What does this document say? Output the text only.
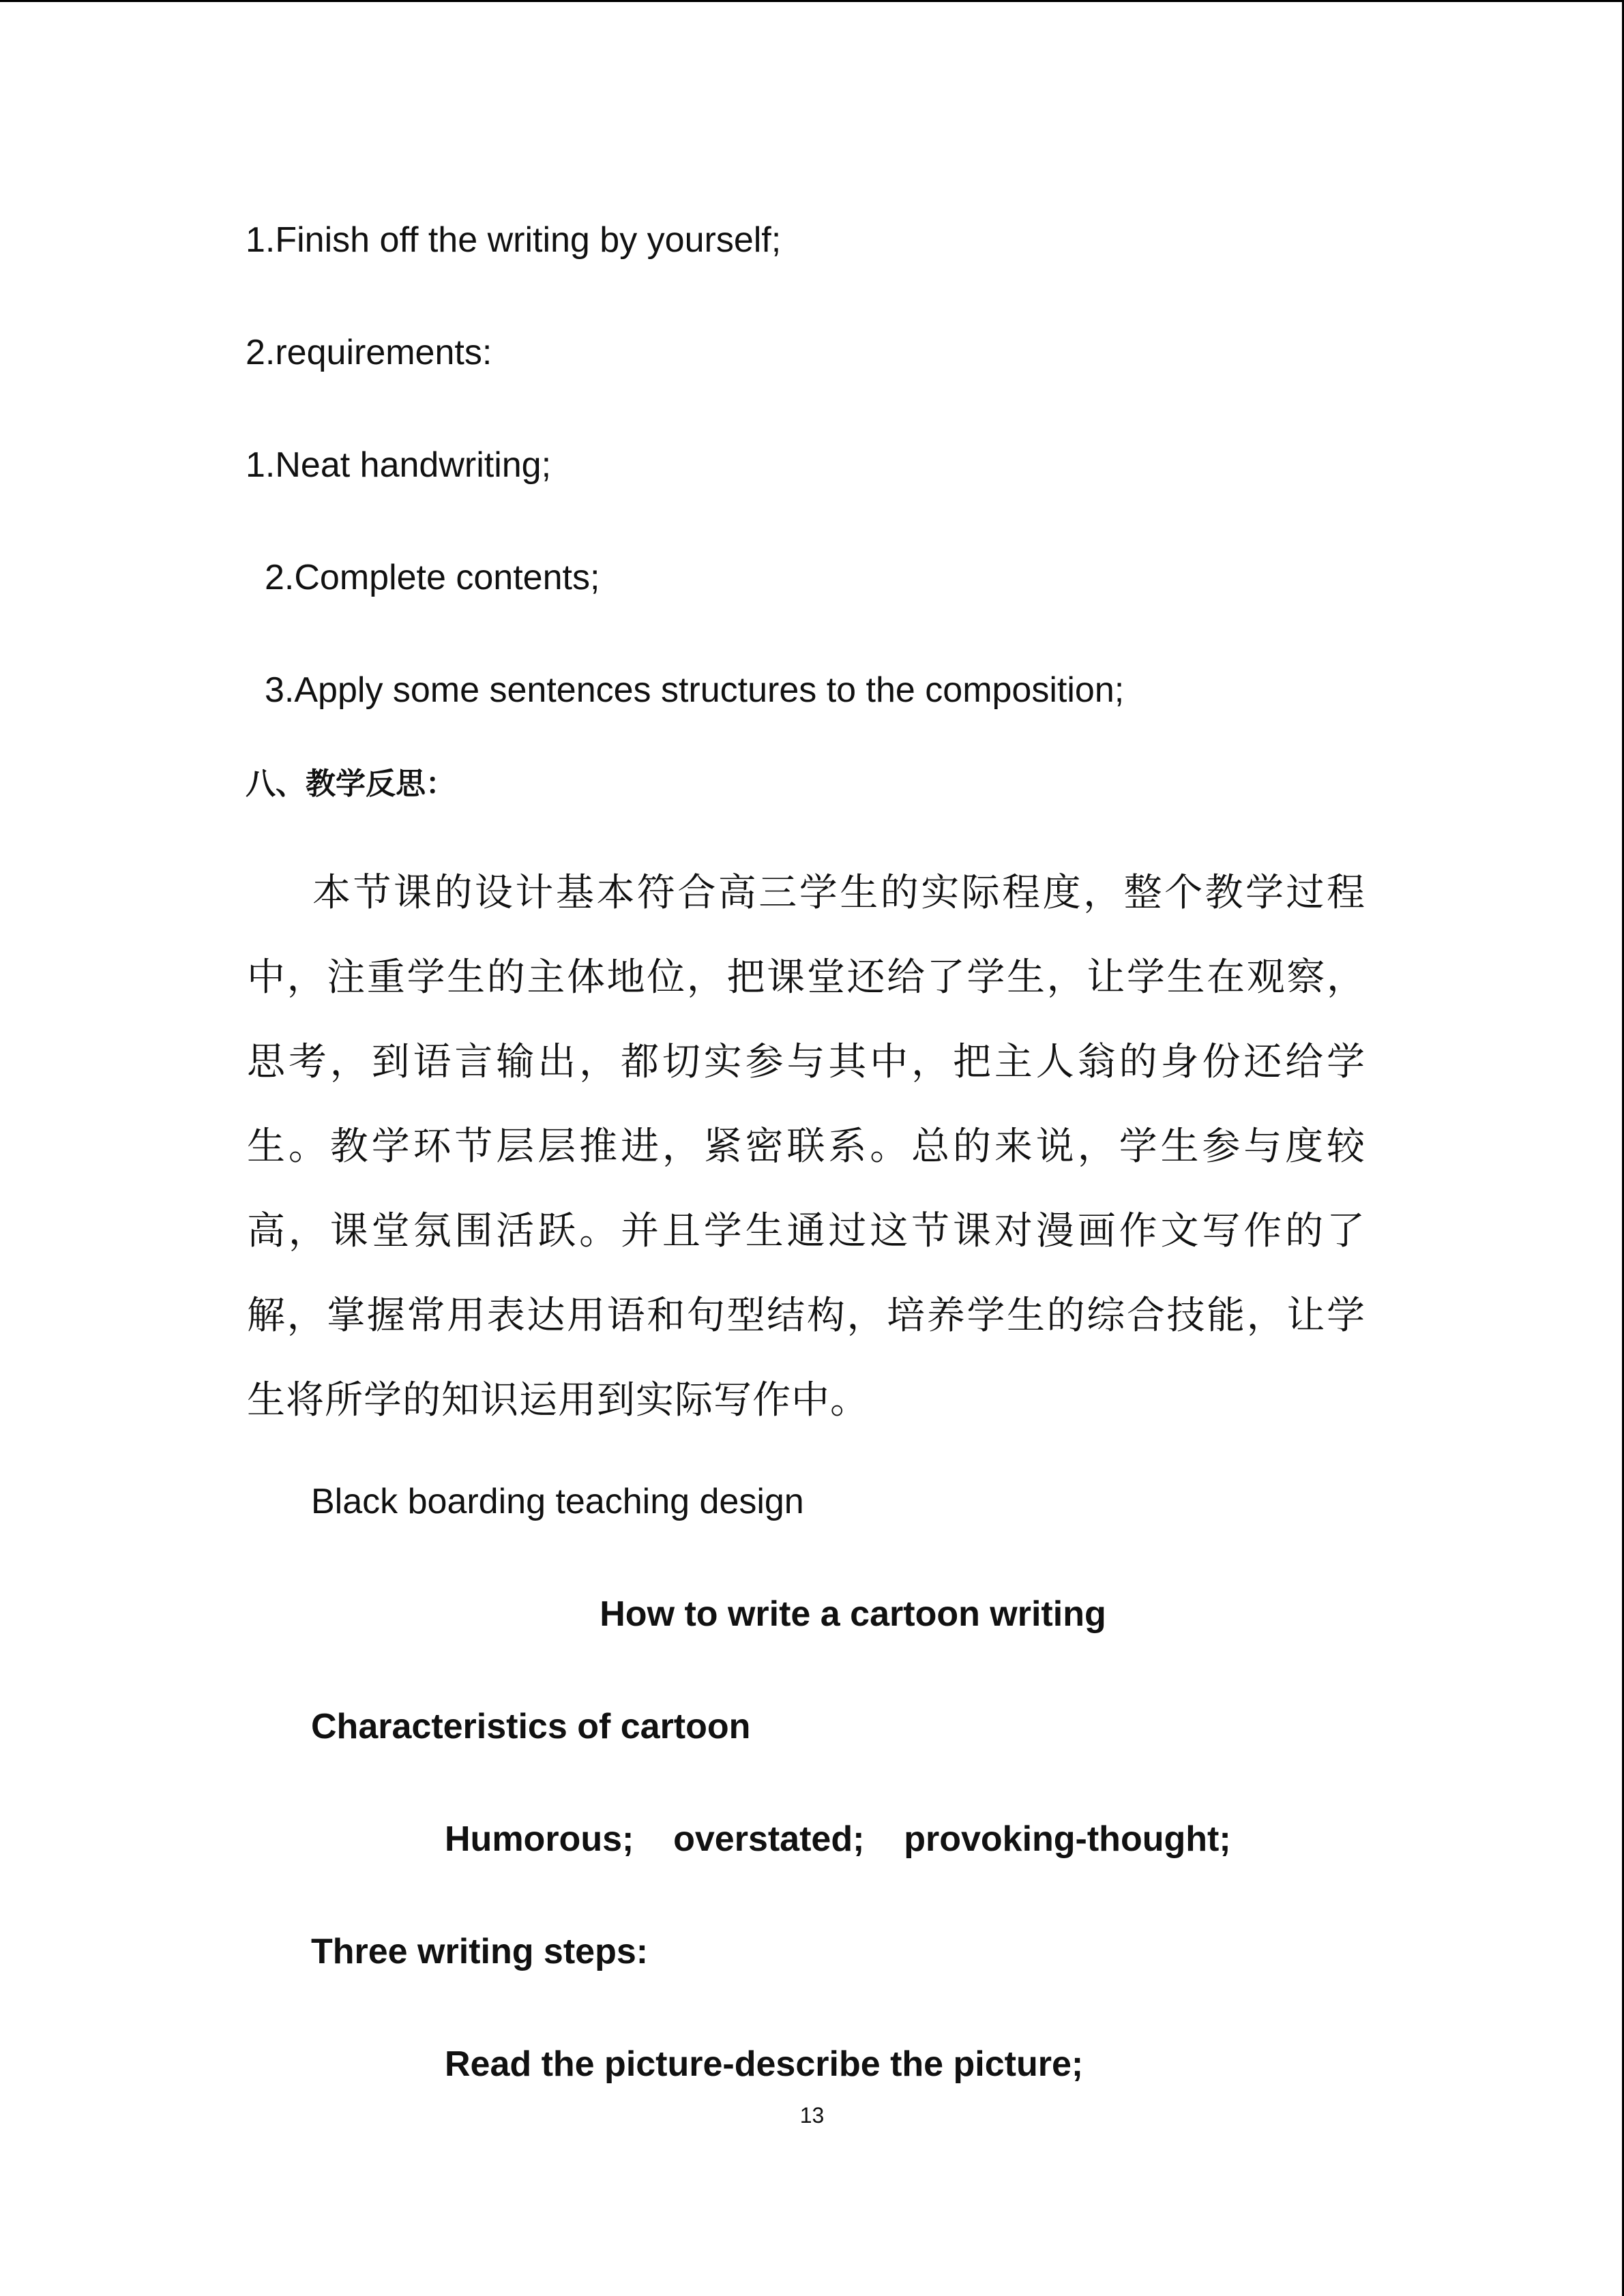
1.Finish off the writing by yourself;
2.requirements:
1.Neat handwriting;
2.Complete contents;
3.Apply some sentences structures to the composition;
八、教学反思：
本节课的设计基本符合高三学生的实际程度，整个教学过程中，注重学生的主体地位，把课堂还给了学生，让学生在观察，思考，到语言输出，都切实参与其中，把主人翁的身份还给学生。教学环节层层推进，紧密联系。总的来说，学生参与度较高，课堂氛围活跃。并且学生通过这节课对漫画作文写作的了解，掌握常用表达用语和句型结构，培养学生的综合技能，让学生将所学的知识运用到实际写作中。
Black boarding teaching design
How to write a cartoon writing
Characteristics of cartoon
Humorous;    overstated;    provoking-thought;
Three writing steps:
Read the picture-describe the picture;
13
